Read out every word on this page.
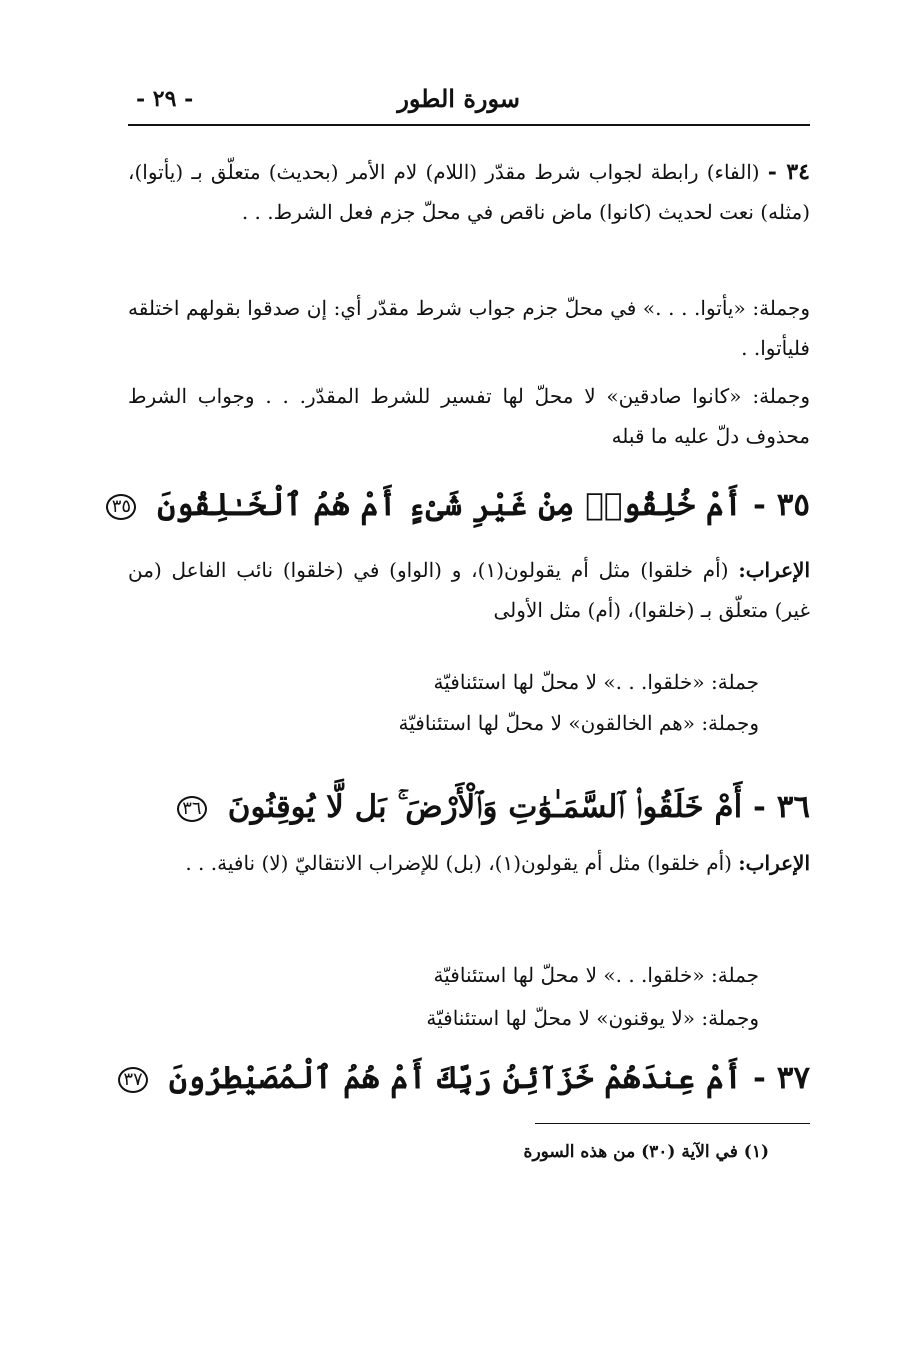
سورة الطور
- ٢٩ -
٣٤ - (الفاء) رابطة لجواب شرط مقدّر (اللام) لام الأمر (بحديث) متعلّق بـ (يأتوا)، (مثله) نعت لحديث (كانوا) ماض ناقص في محلّ جزم فعل الشرط. . .
وجملة: «يأتوا. . . .» في محلّ جزم جواب شرط مقدّر أي: إن صدقوا بقولهم اختلقه فليأتوا. .
وجملة: «كانوا صادقين» لا محلّ لها تفسير للشرط المقدّر. . . وجواب الشرط محذوف دلّ عليه ما قبله
٣٥ - أَمْ خُلِقُوا۟ مِنْ غَيْرِ شَىْءٍ أَمْ هُمُ ٱلْخَـٰلِقُونَ ٣٥
الإعراب: (أم خلقوا) مثل أم يقولون(١)، و (الواو) في (خلقوا) نائب الفاعل (من غير) متعلّق بـ (خلقوا)، (أم) مثل الأولى
جملة: «خلقوا. . .» لا محلّ لها استئنافيّة
وجملة: «هم الخالقون» لا محلّ لها استئنافيّة
٣٦ - أَمْ خَلَقُوا۟ ٱلسَّمَـٰوَٰتِ وَٱلْأَرْضَ ۚ بَل لَّا يُوقِنُونَ ٣٦
الإعراب: (أم خلقوا) مثل أم يقولون(١)، (بل) للإضراب الانتقاليّ (لا) نافية. . .
جملة: «خلقوا. . .» لا محلّ لها استئنافيّة
وجملة: «لا يوقنون» لا محلّ لها استئنافيّة
٣٧ - أَمْ عِندَهُمْ خَزَآئِنُ رَبِّكَ أَمْ هُمُ ٱلْمُصَيْطِرُونَ ٣٧
(١) في الآية (٣٠) من هذه السورة
